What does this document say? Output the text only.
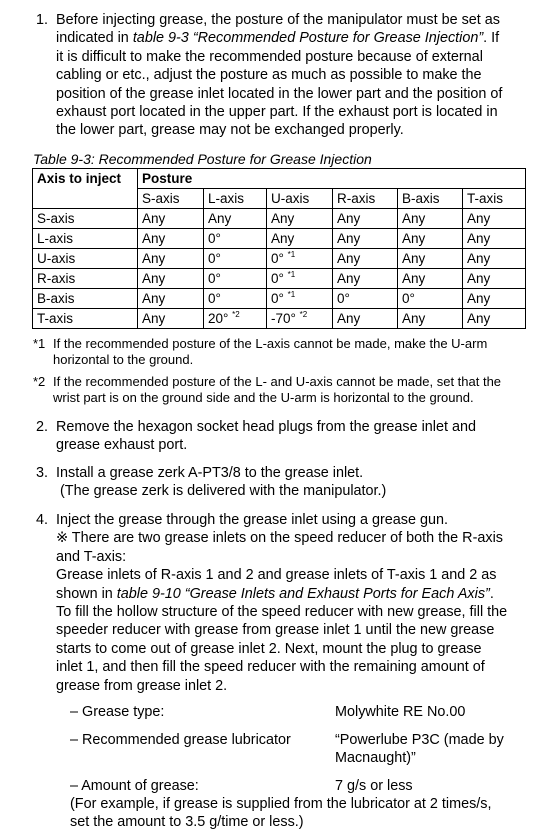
1. Before injecting grease, the posture of the manipulator must be set as
indicated in table 9-3 “Recommended Posture for Grease Injection”. If
it is difficult to make the recommended posture because of external
cabling or etc., adjust the posture as much as possible to make the
position of the grease inlet located in the lower part and the position of
exhaust port located in the upper part. If the exhaust port is located in
the lower part, grease may not be exchanged properly.
Table 9-3: Recommended Posture for Grease Injection
Axis to inject	Posture					
	S-axis	L-axis	U-axis	R-axis	B-axis	T-axis
S-axis	Any	Any	Any	Any	Any	Any
L-axis	Any	0°	Any	Any	Any	Any
U-axis	Any	0°	0° $^{*1}$	Any	Any	Any
R-axis	Any	0°	0° $^{*1}$	Any	Any	Any
B-axis	Any	0°	0° $^{*1}$	0°	0°	Any
T-axis	Any	20° $^{*2}$	-70° $^{*2}$	Any	Any	Any
*1 If the recommended posture of the L-axis cannot be made, make the U-arm
horizontal to the ground.
*2 If the recommended posture of the L- and U-axis cannot be made, set that the
wrist part is on the ground side and the U-arm is horizontal to the ground.
2. Remove the hexagon socket head plugs from the grease inlet and
grease exhaust port.
3. Install a grease zerk A-PT3/8 to the grease inlet.
(The grease zerk is delivered with the manipulator.)
4. Inject the grease through the grease inlet using a grease gun.
※ There are two grease inlets on the speed reducer of both the R-axis
and T-axis:
Grease inlets of R-axis 1 and 2 and grease inlets of T-axis 1 and 2 as
shown in table 9-10 “Grease Inlets and Exhaust Ports for Each Axis”.
To fill the hollow structure of the speed reducer with new grease, fill the
speeder reducer with grease from grease inlet 1 until the new grease
starts to come out of grease inlet 2. Next, mount the plug to grease
inlet 1, and then fill the speed reducer with the remaining amount of
grease from grease inlet 2.
– Grease type:	Molywhite RE No.00
– Recommended grease lubricator	“Powerlube P3C (made by
Macnaught)”
– Amount of grease:	7 g/s or less
(For example, if grease is supplied from the lubricator at 2 times/s,
set the amount to 3.5 g/time or less.)
